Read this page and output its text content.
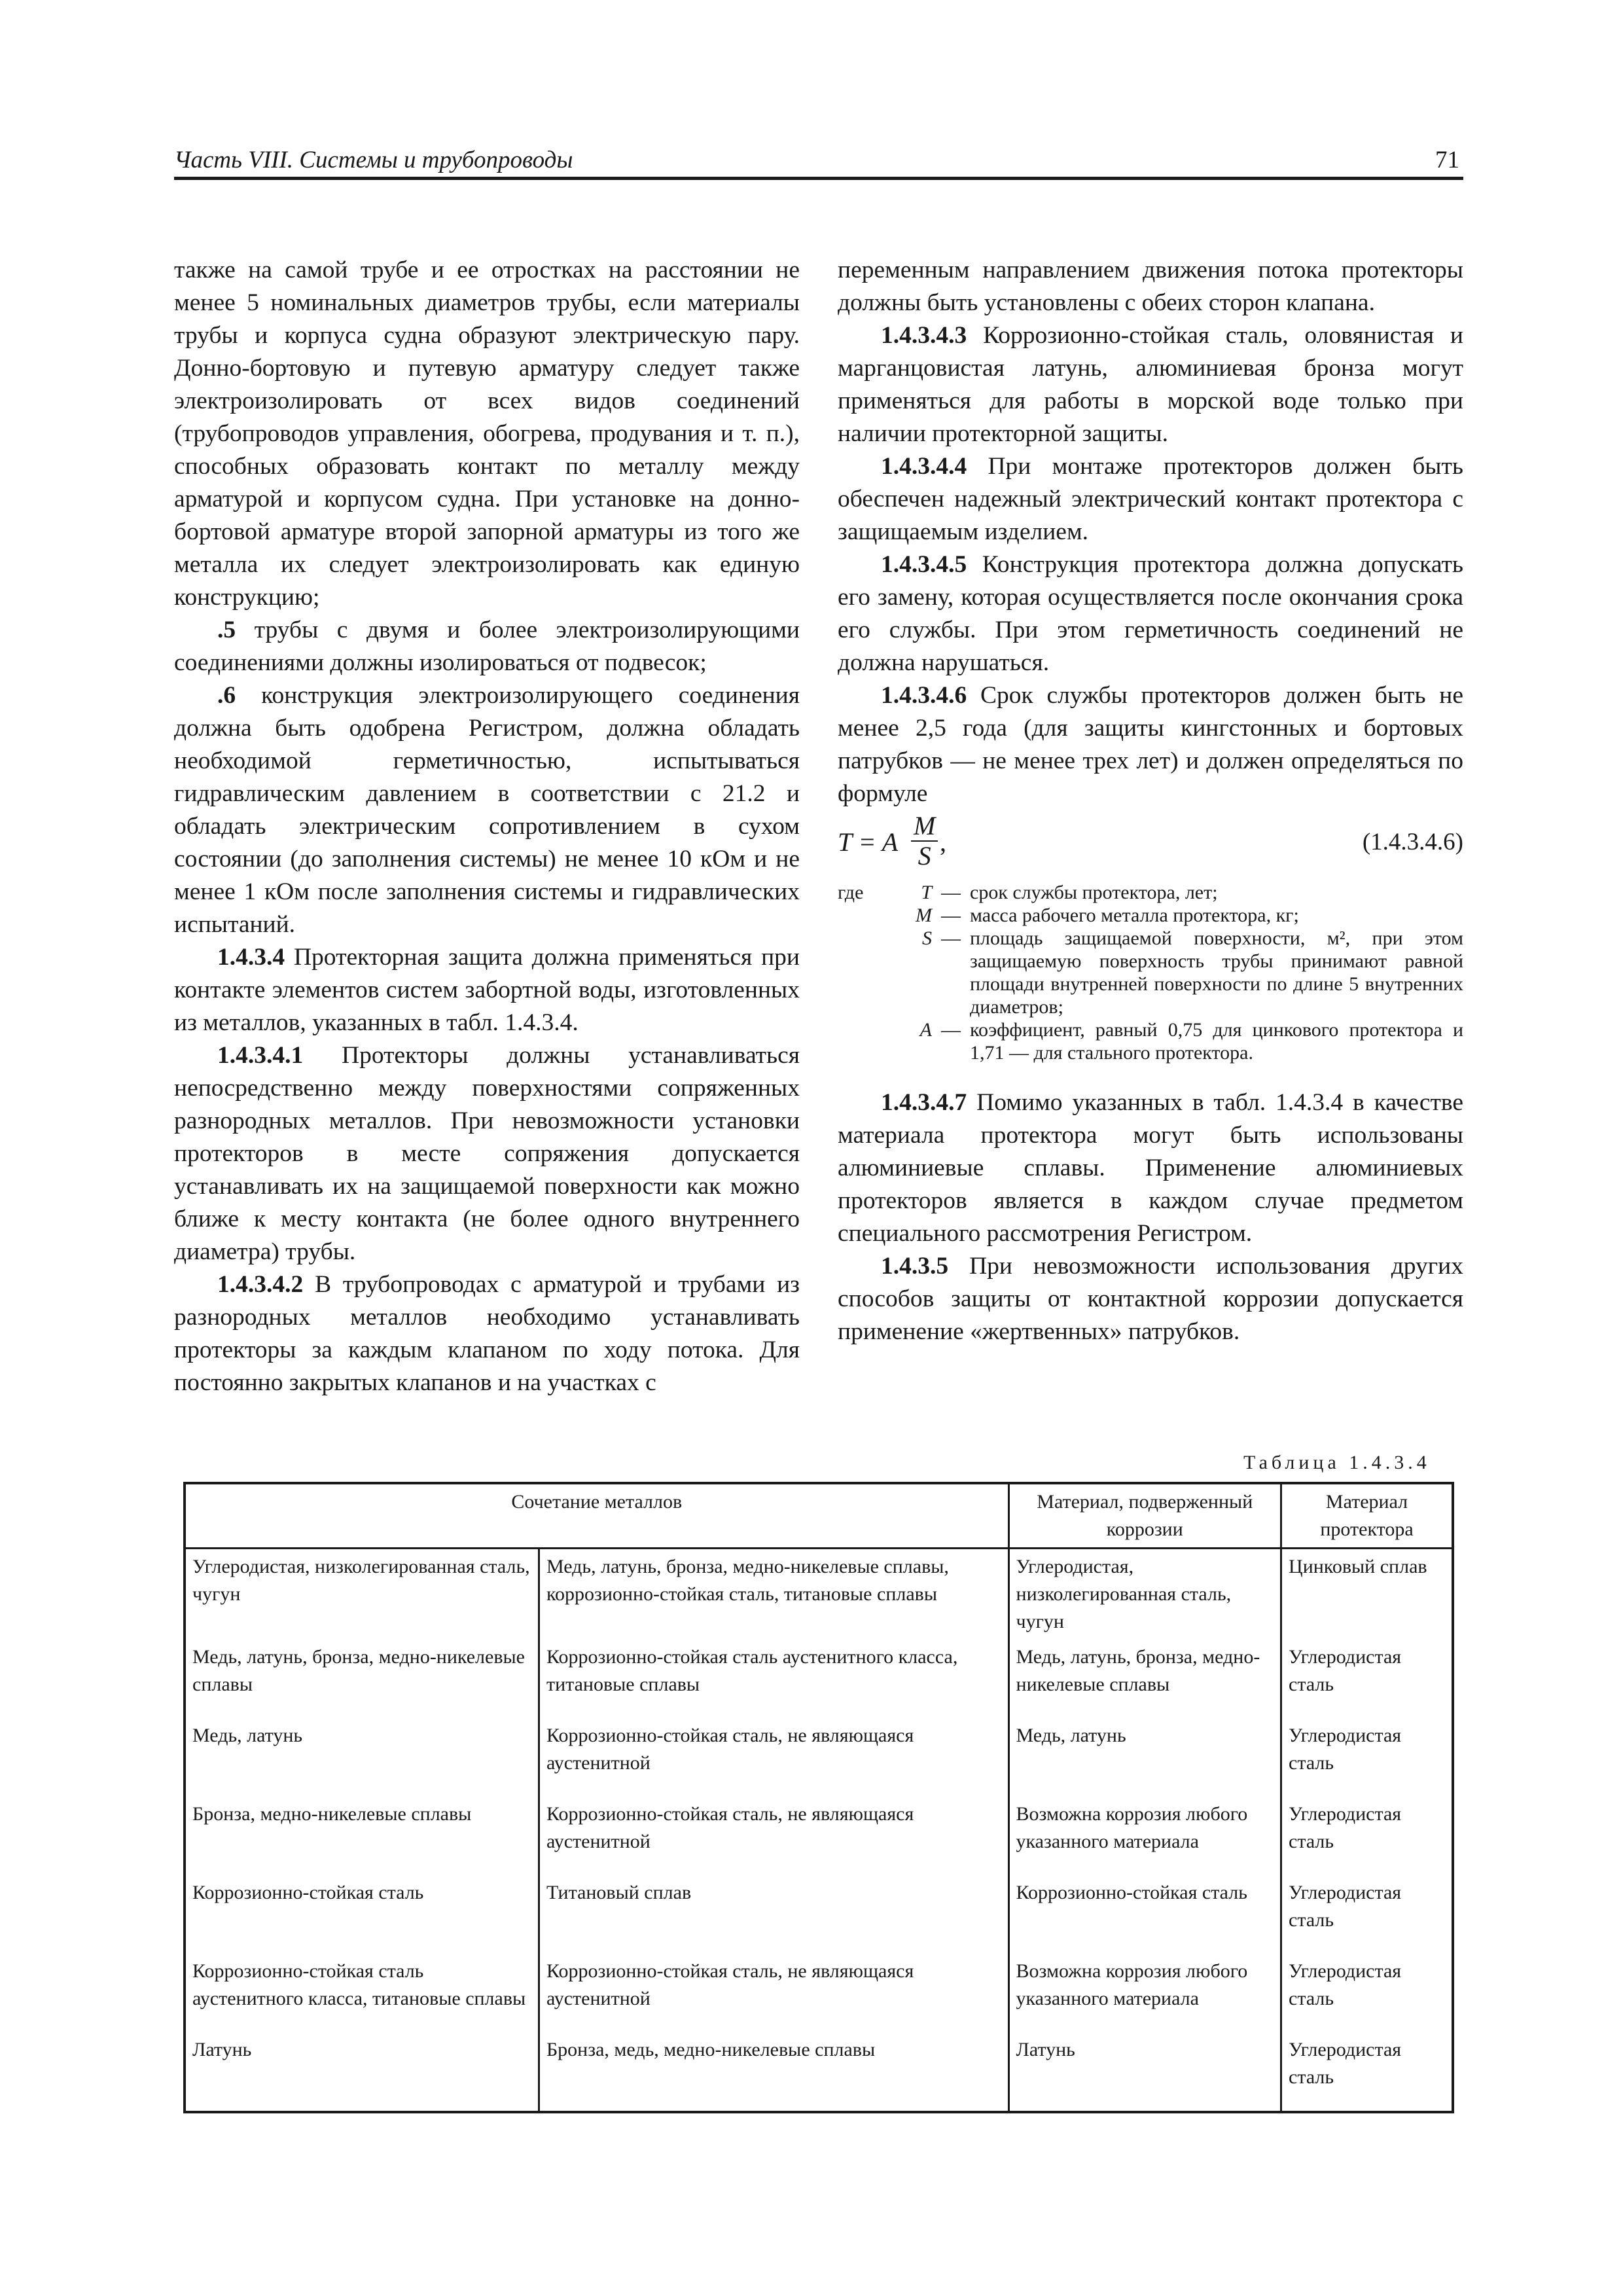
Часть VIII. Системы и трубопроводы	71

также на самой трубе и ее отростках на расстоянии не менее 5 номинальных диаметров трубы, если материалы трубы и корпуса судна образуют электрическую пару. Донно-бортовую и путевую арматуру следует также электроизолировать от всех видов соединений (трубопроводов управления, обогрева, продувания и т. п.), способных образовать контакт по металлу между арматурой и корпусом судна. При установке на донно-бортовой арматуре второй запорной арматуры из того же металла их следует электроизолировать как единую конструкцию;

.5 трубы с двумя и более электроизолирующими соединениями должны изолироваться от подвесок;

.6 конструкция электроизолирующего соединения должна быть одобрена Регистром, должна обладать необходимой герметичностью, испытываться гидравлическим давлением в соответствии с 21.2 и обладать электрическим сопротивлением в сухом состоянии (до заполнения системы) не менее 10 кОм и не менее 1 кОм после заполнения системы и гидравлических испытаний.

1.4.3.4 Протекторная защита должна применяться при контакте элементов систем забортной воды, изготовленных из металлов, указанных в табл. 1.4.3.4.

1.4.3.4.1 Протекторы должны устанавливаться непосредственно между поверхностями сопряженных разнородных металлов. При невозможности установки протекторов в месте сопряжения допускается устанавливать их на защищаемой поверхности как можно ближе к месту контакта (не более одного внутреннего диаметра) трубы.

1.4.3.4.2 В трубопроводах с арматурой и трубами из разнородных металлов необходимо устанавливать протекторы за каждым клапаном по ходу потока. Для постоянно закрытых клапанов и на участках с

переменным направлением движения потока протекторы должны быть установлены с обеих сторон клапана.

1.4.3.4.3 Коррозионно-стойкая сталь, оловянистая и марганцовистая латунь, алюминиевая бронза могут применяться для работы в морской воде только при наличии протекторной защиты.

1.4.3.4.4 При монтаже протекторов должен быть обеспечен надежный электрический контакт протектора с защищаемым изделием.

1.4.3.4.5 Конструкция протектора должна допускать его замену, которая осуществляется после окончания срока его службы. При этом герметичность соединений не должна нарушаться.

1.4.3.4.6 Срок службы протекторов должен быть не менее 2,5 года (для защиты кингстонных и бортовых патрубков — не менее трех лет) и должен определяться по формуле

T = A $\frac{M}{S}$ ,	(1.4.3.4.6)
где	T — срок службы протектора, лет;
M — масса рабочего металла протектора, кг;
S — площадь защищаемой поверхности, м², при этом защищаемую поверхность трубы принимают равной площади внутренней поверхности по длине 5 внутренних диаметров;
A — коэффициент, равный 0,75 для цинкового протектора и 1,71 — для стального протектора.

1.4.3.4.7 Помимо указанных в табл. 1.4.3.4 в качестве материала протектора могут быть использованы алюминиевые сплавы. Применение алюминиевых протекторов является в каждом случае предметом специального рассмотрения Регистром.

1.4.3.5 При невозможности использования других способов защиты от контактной коррозии допускается применение «жертвенных» патрубков.

Таблица 1.4.3.4
Сочетание металлов		Материал, подверженный коррозии	Материал протектора
Углеродистая, низколегированная сталь, чугун	Медь, латунь, бронза, медно-никелевые сплавы, коррозионно-стойкая сталь, титановые сплавы	Углеродистая, низколегированная сталь, чугун	Цинковый сплав
Медь, латунь, бронза, медно-никелевые сплавы	Коррозионно-стойкая сталь аустенитного класса, титановые сплавы	Медь, латунь, бронза, медно-никелевые сплавы	Углеродистая сталь
Медь, латунь	Коррозионно-стойкая сталь, не являющаяся аустенитной	Медь, латунь	Углеродистая сталь
Бронза, медно-никелевые сплавы	Коррозионно-стойкая сталь, не являющаяся аустенитной	Возможна коррозия любого указанного материала	Углеродистая сталь
Коррозионно-стойкая сталь	Титановый сплав	Коррозионно-стойкая сталь	Углеродистая сталь
Коррозионно-стойкая сталь аустенитного класса, титановые сплавы	Коррозионно-стойкая сталь, не являющаяся аустенитной	Возможна коррозия любого указанного материала	Углеродистая сталь
Латунь	Бронза, медь, медно-никелевые сплавы	Латунь	Углеродистая сталь
